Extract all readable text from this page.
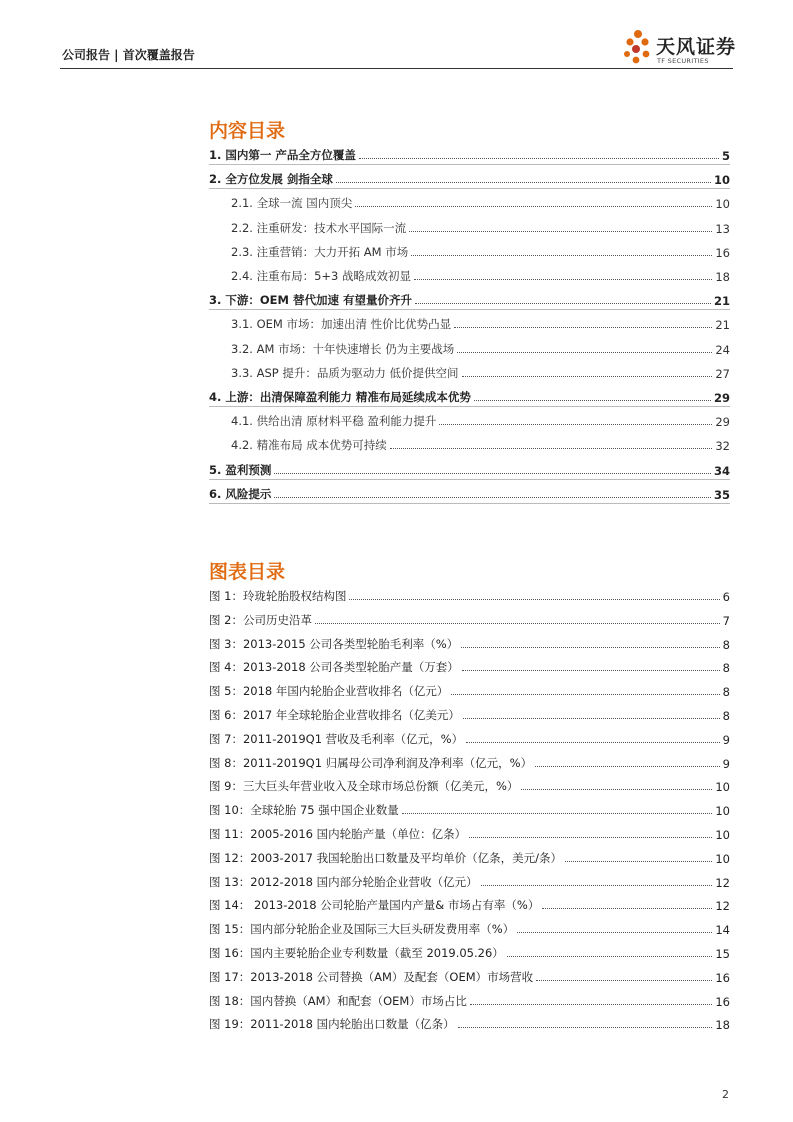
公司报告 | 首次覆盖报告	天风证券
TF SECURITIES
内容目录
1. 国内第一 产品全方位覆盖	5
2. 全方位发展 剑指全球	10
2.1. 全球一流 国内顶尖	10
2.2. 注重研发：技术水平国际一流	13
2.3. 注重营销：大力开拓 AM 市场	16
2.4. 注重布局：5+3 战略成效初显	18
3. 下游：OEM 替代加速 有望量价齐升	21
3.1. OEM 市场：加速出清 性价比优势凸显	21
3.2. AM 市场：十年快速增长 仍为主要战场	24
3.3. ASP 提升：品质为驱动力 低价提供空间	27
4. 上游：出清保障盈利能力 精准布局延续成本优势	29
4.1. 供给出清 原材料平稳 盈利能力提升	29
4.2. 精准布局 成本优势可持续	32
5. 盈利预测	34
6. 风险提示	35
图表目录
图 1：玲珑轮胎股权结构图	6
图 2：公司历史沿革	7
图 3：2013-2015 公司各类型轮胎毛利率（%）	8
图 4：2013-2018 公司各类型轮胎产量（万套）	8
图 5：2018 年国内轮胎企业营收排名（亿元）	8
图 6：2017 年全球轮胎企业营收排名（亿美元）	8
图 7：2011-2019Q1 营收及毛利率（亿元，%）	9
图 8：2011-2019Q1 归属母公司净利润及净利率（亿元，%）	9
图 9：三大巨头年营业收入及全球市场总份额（亿美元，%）	10
图 10：全球轮胎 75 强中国企业数量	10
图 11：2005-2016 国内轮胎产量（单位：亿条）	10
图 12：2003-2017 我国轮胎出口数量及平均单价（亿条，美元/条）	10
图 13：2012-2018 国内部分轮胎企业营收（亿元）	12
图 14： 2013-2018 公司轮胎产量国内产量& 市场占有率（%）	12
图 15：国内部分轮胎企业及国际三大巨头研发费用率（%）	14
图 16：国内主要轮胎企业专利数量（截至 2019.05.26）	15
图 17：2013-2018 公司替换（AM）及配套（OEM）市场营收	16
图 18：国内替换（AM）和配套（OEM）市场占比	16
图 19：2011-2018 国内轮胎出口数量（亿条）	18
2
